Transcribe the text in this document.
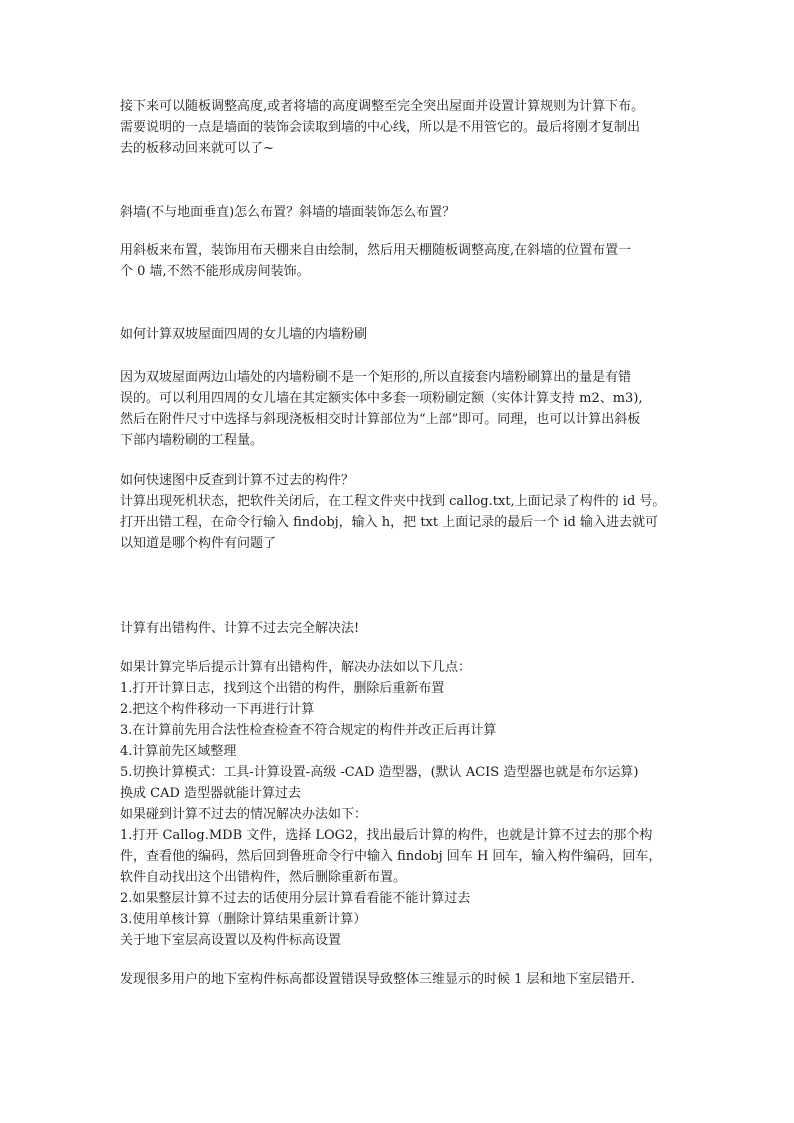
接下来可以随板调整高度,或者将墙的高度调整至完全突出屋面并设置计算规则为计算下布。
需要说明的一点是墙面的装饰会读取到墙的中心线，所以是不用管它的。最后将刚才复制出
去的板移动回来就可以了~
斜墙(不与地面垂直)怎么布置？斜墙的墙面装饰怎么布置？
用斜板来布置，装饰用布天棚来自由绘制，然后用天棚随板调整高度,在斜墙的位置布置一
个 0 墙,不然不能形成房间装饰。
如何计算双坡屋面四周的女儿墙的内墙粉刷
因为双坡屋面两边山墙处的内墙粉刷不是一个矩形的,所以直接套内墙粉刷算出的量是有错
误的。可以利用四周的女儿墙在其定额实体中多套一项粉刷定额（实体计算支持 m2、m3),
然后在附件尺寸中选择与斜现浇板相交时计算部位为“上部”即可。同理，也可以计算出斜板
下部内墙粉刷的工程量。
如何快速图中反查到计算不过去的构件？
计算出现死机状态，把软件关闭后，在工程文件夹中找到 callog.txt,上面记录了构件的 id 号。
打开出错工程，在命令行输入 findobj，输入 h，把 txt 上面记录的最后一个 id 输入进去就可
以知道是哪个构件有问题了
计算有出错构件、计算不过去完全解决法!
如果计算完毕后提示计算有出错构件，解决办法如以下几点：
1.打开计算日志，找到这个出错的构件，删除后重新布置
2.把这个构件移动一下再进行计算
3.在计算前先用合法性检查检查不符合规定的构件并改正后再计算
4.计算前先区域整理
5.切换计算模式：工具-计算设置-高级 -CAD 造型器，(默认 ACIS 造型器也就是布尔运算)
换成 CAD 造型器就能计算过去
如果碰到计算不过去的情况解决办法如下：
1.打开 Callog.MDB 文件，选择 LOG2，找出最后计算的构件，也就是计算不过去的那个构
件，查看他的编码，然后回到鲁班命令行中输入 findobj 回车 H 回车，输入构件编码，回车，
软件自动找出这个出错构件，然后删除重新布置。
2.如果整层计算不过去的话使用分层计算看看能不能计算过去
3.使用单核计算（删除计算结果重新计算）
关于地下室层高设置以及构件标高设置
发现很多用户的地下室构件标高都设置错误导致整体三维显示的时候 1 层和地下室层错开.
